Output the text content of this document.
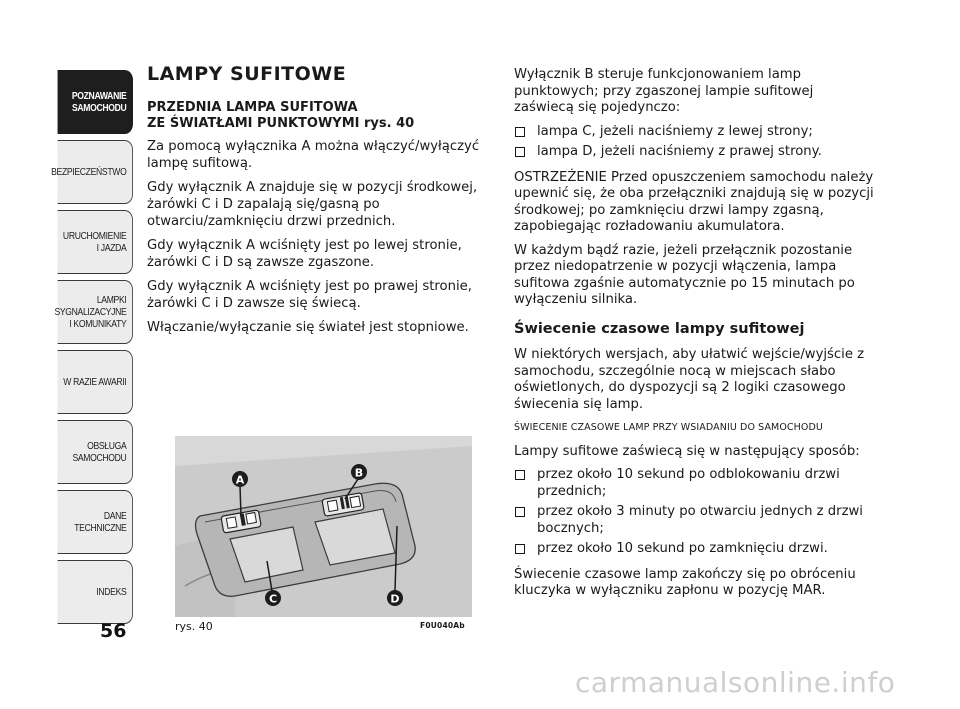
POZNAWANIE
SAMOCHODU
BEZPIECZEŃSTWO
URUCHOMIENIE
I JAZDA
LAMPKI
SYGNALIZACYJNE
I KOMUNIKATY
W RAZIE AWARII
OBSŁUGA
SAMOCHODU
DANE
TECHNICZNE
INDEKS
56
LAMPY SUFITOWE
PRZEDNIA LAMPA SUFITOWA
ZE ŚWIATŁAMI PUNKTOWYMI rys. 40
Za pomocą wyłącznika A można włączyć/wyłączyć lampę sufitową.
Gdy wyłącznik A znajduje się w pozycji środkowej, żarówki C i D zapalają się/gasną po otwarciu/zamknięciu drzwi przednich.
Gdy wyłącznik A wciśnięty jest po lewej stronie, żarówki C i D są zawsze zgaszone.
Gdy wyłącznik A wciśnięty jest po prawej stronie, żarówki C i D zawsze się świecą.
Włączanie/wyłączanie się świateł jest stopniowe.
A
B
C	D
rys. 40	F0U040Ab
Wyłącznik B steruje funkcjonowaniem lamp punktowych; przy zgaszonej lampie sufitowej zaświecą się pojedynczo:
lampa C, jeżeli naciśniemy z lewej strony;
lampa D, jeżeli naciśniemy z prawej strony.
OSTRZEŻENIE Przed opuszczeniem samochodu należy upewnić się, że oba przełączniki znajdują się w pozycji środkowej; po zamknięciu drzwi lampy zgasną, zapobiegając rozładowaniu akumulatora.
W każdym bądź razie, jeżeli przełącznik pozostanie przez niedopatrzenie w pozycji włączenia, lampa sufitowa zgaśnie automatycznie po 15 minutach po wyłączeniu silnika.
Świecenie czasowe lampy sufitowej
W niektórych wersjach, aby ułatwić wejście/wyjście z samochodu, szczególnie nocą w miejscach słabo oświetlonych, do dyspozycji są 2 logiki czasowego świecenia się lamp.
ŚWIECENIE CZASOWE LAMP PRZY WSIADANIU DO SAMOCHODU
Lampy sufitowe zaświecą się w następujący sposób:
przez około 10 sekund po odblokowaniu drzwi przednich;
przez około 3 minuty po otwarciu jednych z drzwi bocznych;
przez około 10 sekund po zamknięciu drzwi.
Świecenie czasowe lamp zakończy się po obróceniu kluczyka w wyłączniku zapłonu w pozycję MAR.
carmanualsonline.info
